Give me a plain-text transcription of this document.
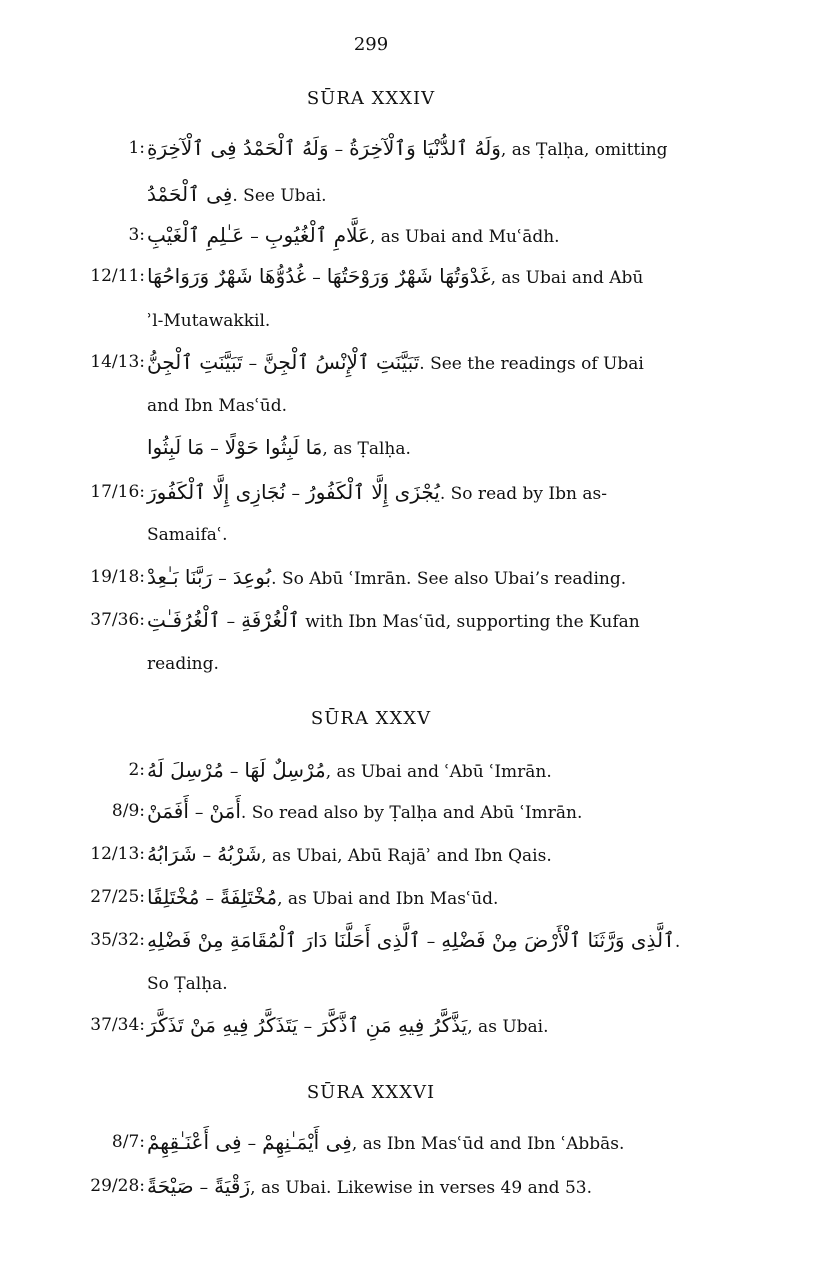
299
SŪRA XXXIV
1: وَلَهُ ٱلْحَمْدُ فِى ٱلْآخِرَةِ – وَلَهُ ٱلدُّنْيَا وَٱلْآخِرَةُ, as Ṭalḥa, omitting
فِى ٱلْحَمْدُ. See Ubai.
3: عَـٰلِمِ ٱلْغَيْبِ – عَلَّامِ ٱلْغُيُوبِ, as Ubai and Muʿādh.
12/11: غُدُوُّهَا شَهْرٌ وَرَوَاحُهَا – غَدْوَتُهَا شَهْرٌ وَرَوْحَتُهَا, as Ubai and Abū
ʾl-Mutawakkil.
14/13: تَبَيَّنَتِ ٱلْجِنُّ – تَبَيَّنَتِ ٱلْإِنْسُ ٱلْجِنَّ. See the readings of Ubai
and Ibn Masʿūd.
مَا لَبِثُوا – مَا لَبِثُوا حَوْلًا, as Ṭalḥa.
17/16: نُجَازِى إِلَّا ٱلْكَفُورَ – يُجْزَى إِلَّا ٱلْكَفُورُ. So read by Ibn as-
Samaifaʿ.
19/18: رَبَّنَا بَـٰعِدْ – بُوعِدَ. So Abū ʿImrān. See also Ubai’s reading.
37/36: ٱلْغُرُفَـٰتِ – ٱلْغُرْفَةِ with Ibn Masʿūd, supporting the Kufan
reading.
SŪRA XXXV
2: مُرْسِلَ لَهُ – مُرْسِلٌ لَهَا, as Ubai and ʿAbū ʿImrān.
8/9: أَفَمَنْ – أَمَنْ. So read also by Ṭalḥa and Abū ʿImrān.
12/13: شَرَابُهُ – شَرْبُهُ, as Ubai, Abū Rajāʾ and Ibn Qais.
27/25: مُخْتَلِفًا – مُخْتَلِفَةً, as Ubai and Ibn Masʿūd.
35/32: ٱلَّذِى أَحَلَّنَا دَارَ ٱلْمُقَامَةِ مِنْ فَضْلِهِ – ٱلَّذِى وَرَّثَنَا ٱلْأَرْضَ مِنْ فَضْلِهِ.
So Ṭalḥa.
37/34: يَتَذَكَّرُ فِيهِ مَنْ تَذَكَّرَ – يَذَّكَّرُ فِيهِ مَنِ ٱذَّكَّرَ, as Ubai.
SŪRA XXXVI
8/7: فِى أَعْنَـٰقِهِمْ – فِى أَيْمَـٰنِهِمْ, as Ibn Masʿūd and Ibn ʿAbbās.
29/28: صَيْحَةً – زَقْيَةً, as Ubai. Likewise in verses 49 and 53.
